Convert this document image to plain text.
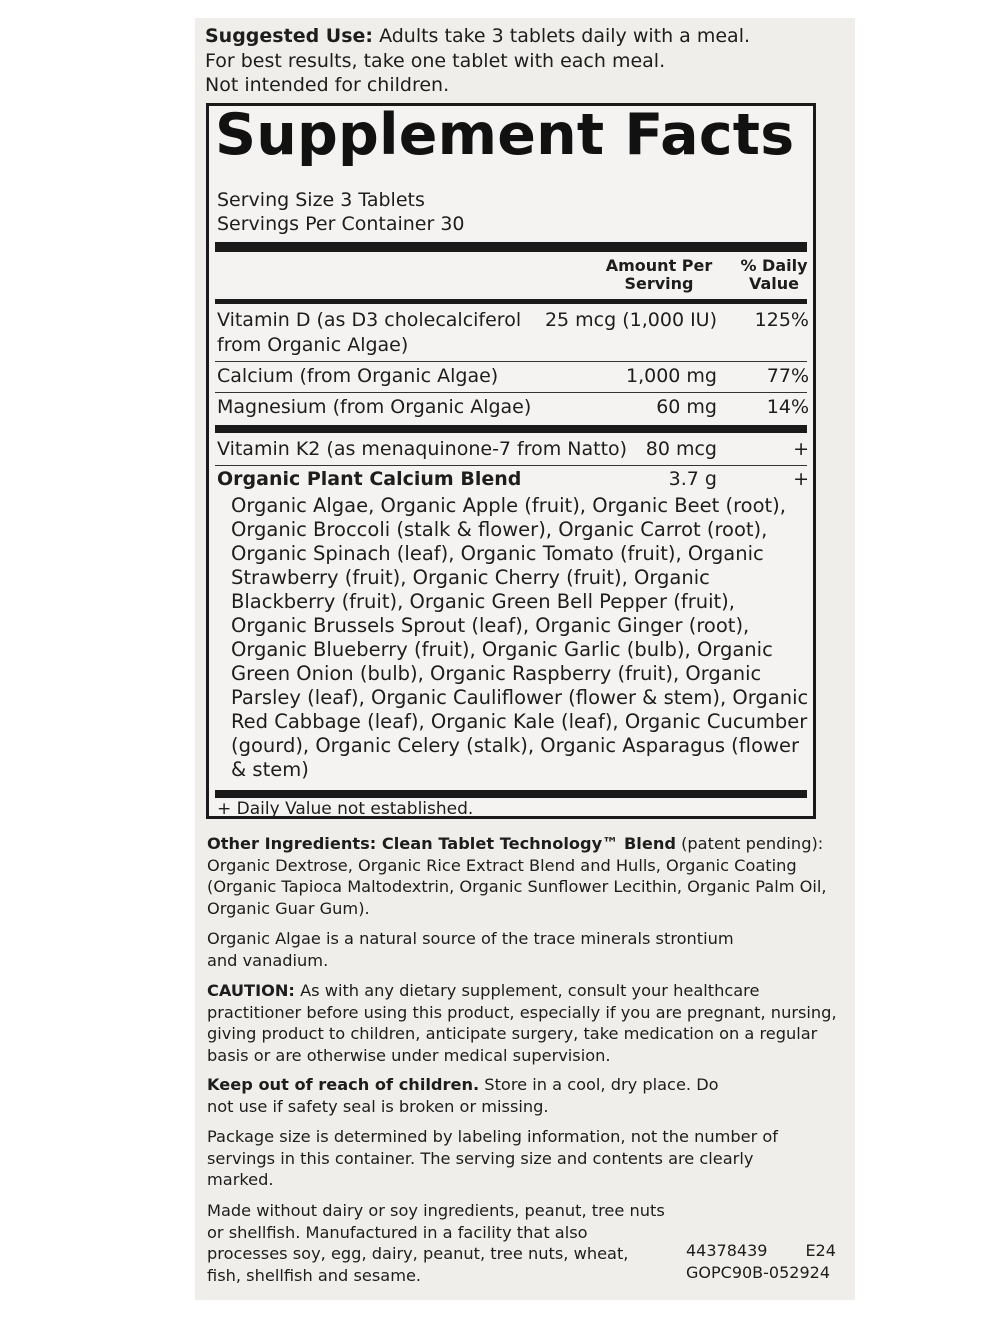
Suggested Use: Adults take 3 tablets daily with a meal.
For best results, take one tablet with each meal.
Not intended for children.
Supplement Facts
Serving Size 3 Tablets
Servings Per Container 30
Amount Per
Serving
% Daily
Value
Vitamin D (as D3 cholecalciferol from Organic Algae)
25 mcg (1,000 IU) 125%
Calcium (from Organic Algae)	1,000 mg	77%
Magnesium (from Organic Algae)	60 mg	14%
Vitamin K2 (as menaquinone-7 from Natto) 80 mcg	+
Organic Plant Calcium Blend	3.7 g	+
Organic Algae, Organic Apple (fruit), Organic Beet (root), Organic Broccoli (stalk & flower), Organic Carrot (root), Organic Spinach (leaf), Organic Tomato (fruit), Organic Strawberry (fruit), Organic Cherry (fruit), Organic Blackberry (fruit), Organic Green Bell Pepper (fruit), Organic Brussels Sprout (leaf), Organic Ginger (root), Organic Blueberry (fruit), Organic Garlic (bulb), Organic Green Onion (bulb), Organic Raspberry (fruit), Organic Parsley (leaf), Organic Cauliflower (flower & stem), Organic Red Cabbage (leaf), Organic Kale (leaf), Organic Cucumber (gourd), Organic Celery (stalk), Organic Asparagus (flower & stem)
+ Daily Value not established.
Other Ingredients: Clean Tablet Technology™ Blend (patent pending): Organic Dextrose, Organic Rice Extract Blend and Hulls, Organic Coating (Organic Tapioca Maltodextrin, Organic Sunflower Lecithin, Organic Palm Oil, Organic Guar Gum).
Organic Algae is a natural source of the trace minerals strontium and vanadium.
CAUTION: As with any dietary supplement, consult your healthcare practitioner before using this product, especially if you are pregnant, nursing, giving product to children, anticipate surgery, take medication on a regular basis or are otherwise under medical supervision.
Keep out of reach of children. Store in a cool, dry place. Do not use if safety seal is broken or missing.
Package size is determined by labeling information, not the number of servings in this container. The serving size and contents are clearly marked.
Made without dairy or soy ingredients, peanut, tree nuts or shellfish. Manufactured in a facility that also processes soy, egg, dairy, peanut, tree nuts, wheat, fish, shellfish and sesame.
44378439 E24
GOPC90B-052924
